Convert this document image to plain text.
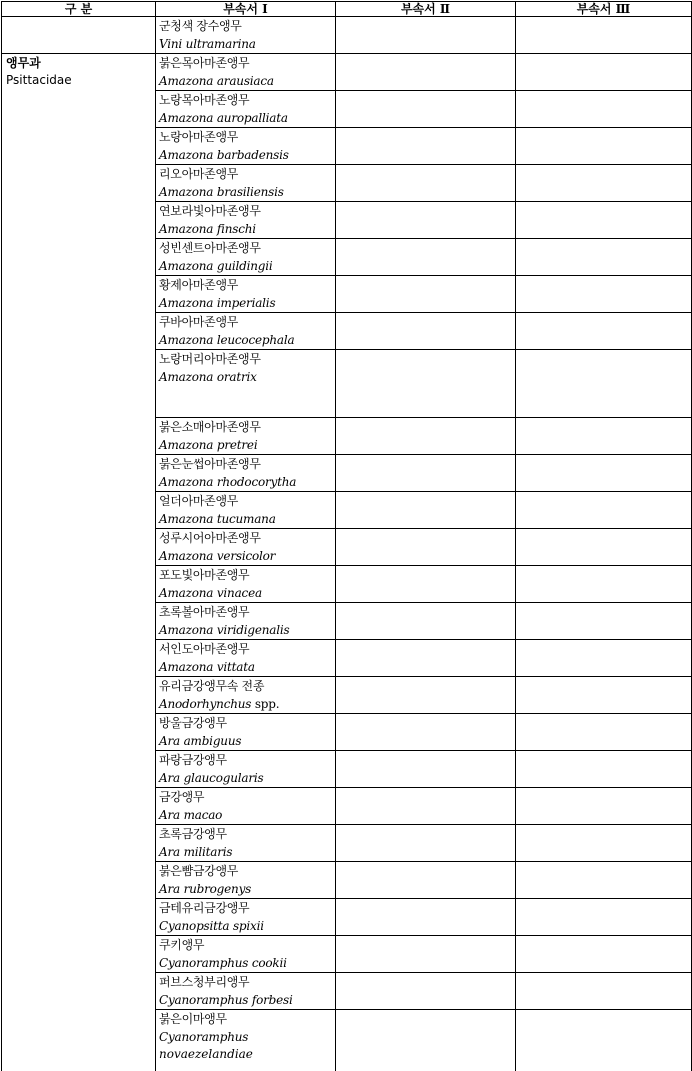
구 분	부속서 Ⅰ	부속서 Ⅱ	부속서 Ⅲ

	군청색 장수앵무
Vini ultramarina		

앵무과
Psittacidae	붉은목아마존앵무
Amazona arausiaca		

	노랑목아마존앵무
Amazona auropalliata		

	노랑아마존앵무
Amazona barbadensis		

	리오아마존앵무
Amazona brasiliensis		

	연보라빛아마존앵무
Amazona finschi		

	성빈센트아마존앵무
Amazona guildingii		

	황제아마존앵무
Amazona imperialis		

	쿠바아마존앵무
Amazona leucocephala		

	노랑머리아마존앵무
Amazona oratrix		

	붉은소매아마존앵무
Amazona pretrei		

	붉은눈썹아마존앵무
Amazona rhodocorytha		

	얼더아마존앵무
Amazona tucumana		

	성루시어아마존앵무
Amazona versicolor		

	포도빛아마존앵무
Amazona vinacea		

	초록볼아마존앵무
Amazona viridigenalis		

	서인도아마존앵무
Amazona vittata		

	유리금강앵무속 전종
Anodorhynchus spp.		

	방울금강앵무
Ara ambiguus		

	파랑금강앵무
Ara glaucogularis		

	금강앵무
Ara macao		

	초록금강앵무
Ara militaris		

	붉은뺨금강앵무
Ara rubrogenys		

	금테유리금강앵무
Cyanopsitta spixii		

	쿠키앵무
Cyanoramphus cookii		

	퍼브스청부리앵무
Cyanoramphus forbesi		

	붉은이마앵무
Cyanoramphus
novaezelandiae		
